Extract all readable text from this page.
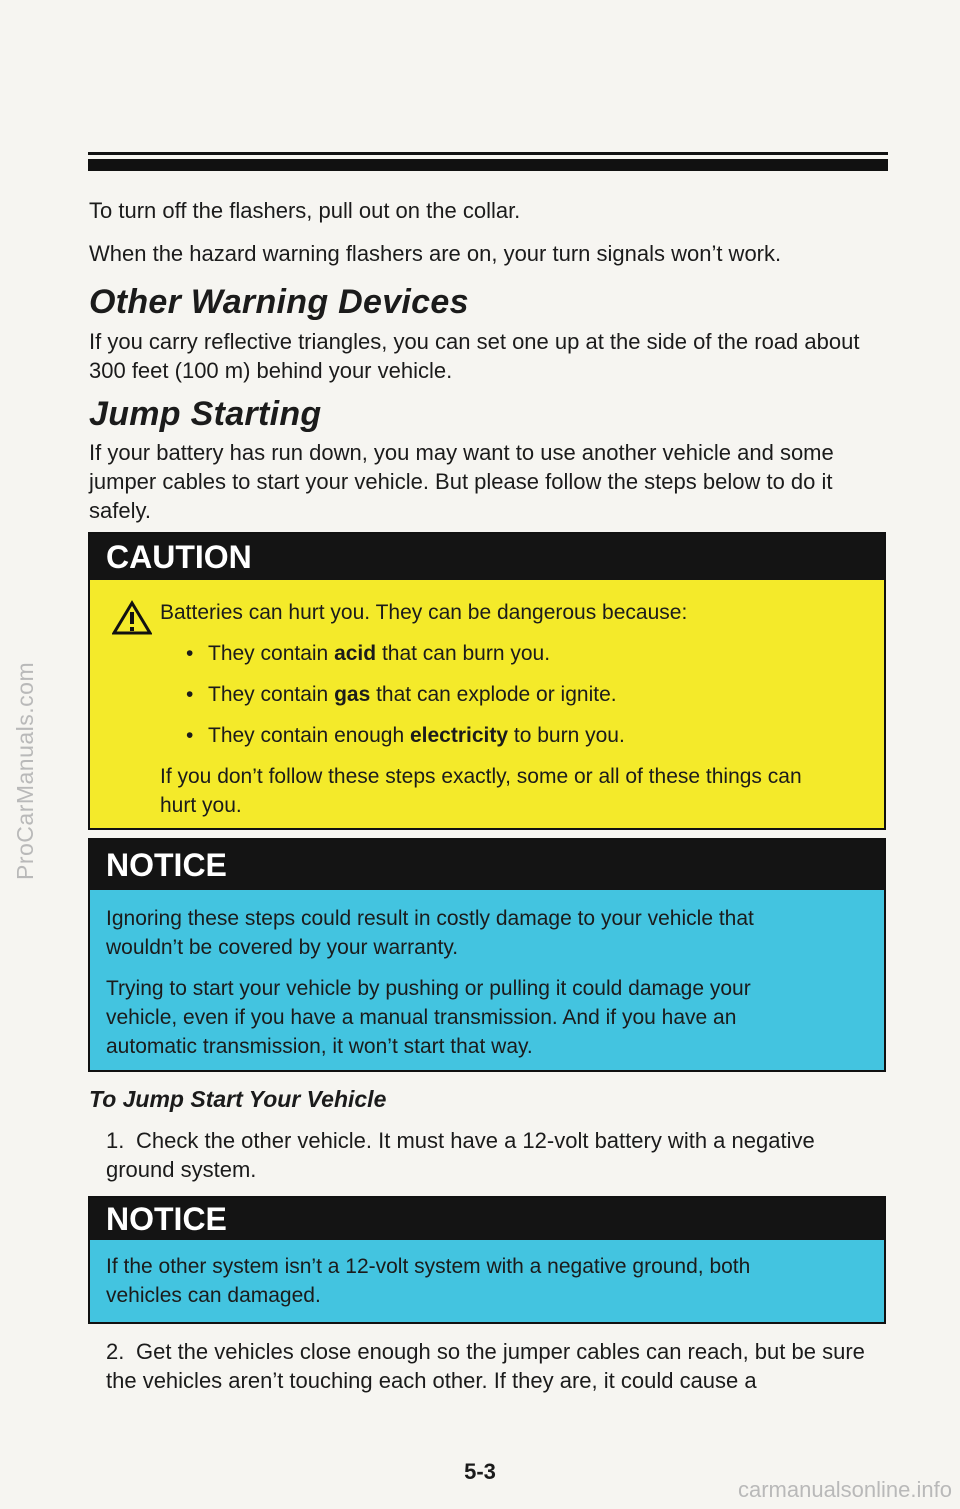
ProCarManuals.com

To turn off the flashers, pull out on the collar.

When the hazard warning flashers are on, your turn signals won’t work.

Other Warning Devices

If you carry reflective triangles, you can set one up at the side of the road about 300 feet (100 m) behind your vehicle.

Jump Starting

If your battery has run down, you may want to use another vehicle and some jumper cables to start your vehicle. But please follow the steps below to do it safely.

CAUTION

Batteries can hurt you. They can be dangerous because:

• They contain acid that can burn you.
• They contain gas that can explode or ignite.
• They contain enough electricity to burn you.

If you don’t follow these steps exactly, some or all of these things can hurt you.

NOTICE

Ignoring these steps could result in costly damage to your vehicle that wouldn’t be covered by your warranty.

Trying to start your vehicle by pushing or pulling it could damage your vehicle, even if you have a manual transmission. And if you have an automatic transmission, it won’t start that way.

To Jump Start Your Vehicle

1. Check the other vehicle. It must have a 12-volt battery with a negative ground system.

NOTICE

If the other system isn’t a 12-volt system with a negative ground, both vehicles can damaged.

2. Get the vehicles close enough so the jumper cables can reach, but be sure the vehicles aren’t touching each other. If they are, it could cause a

5-3
carmanualsonline.info
